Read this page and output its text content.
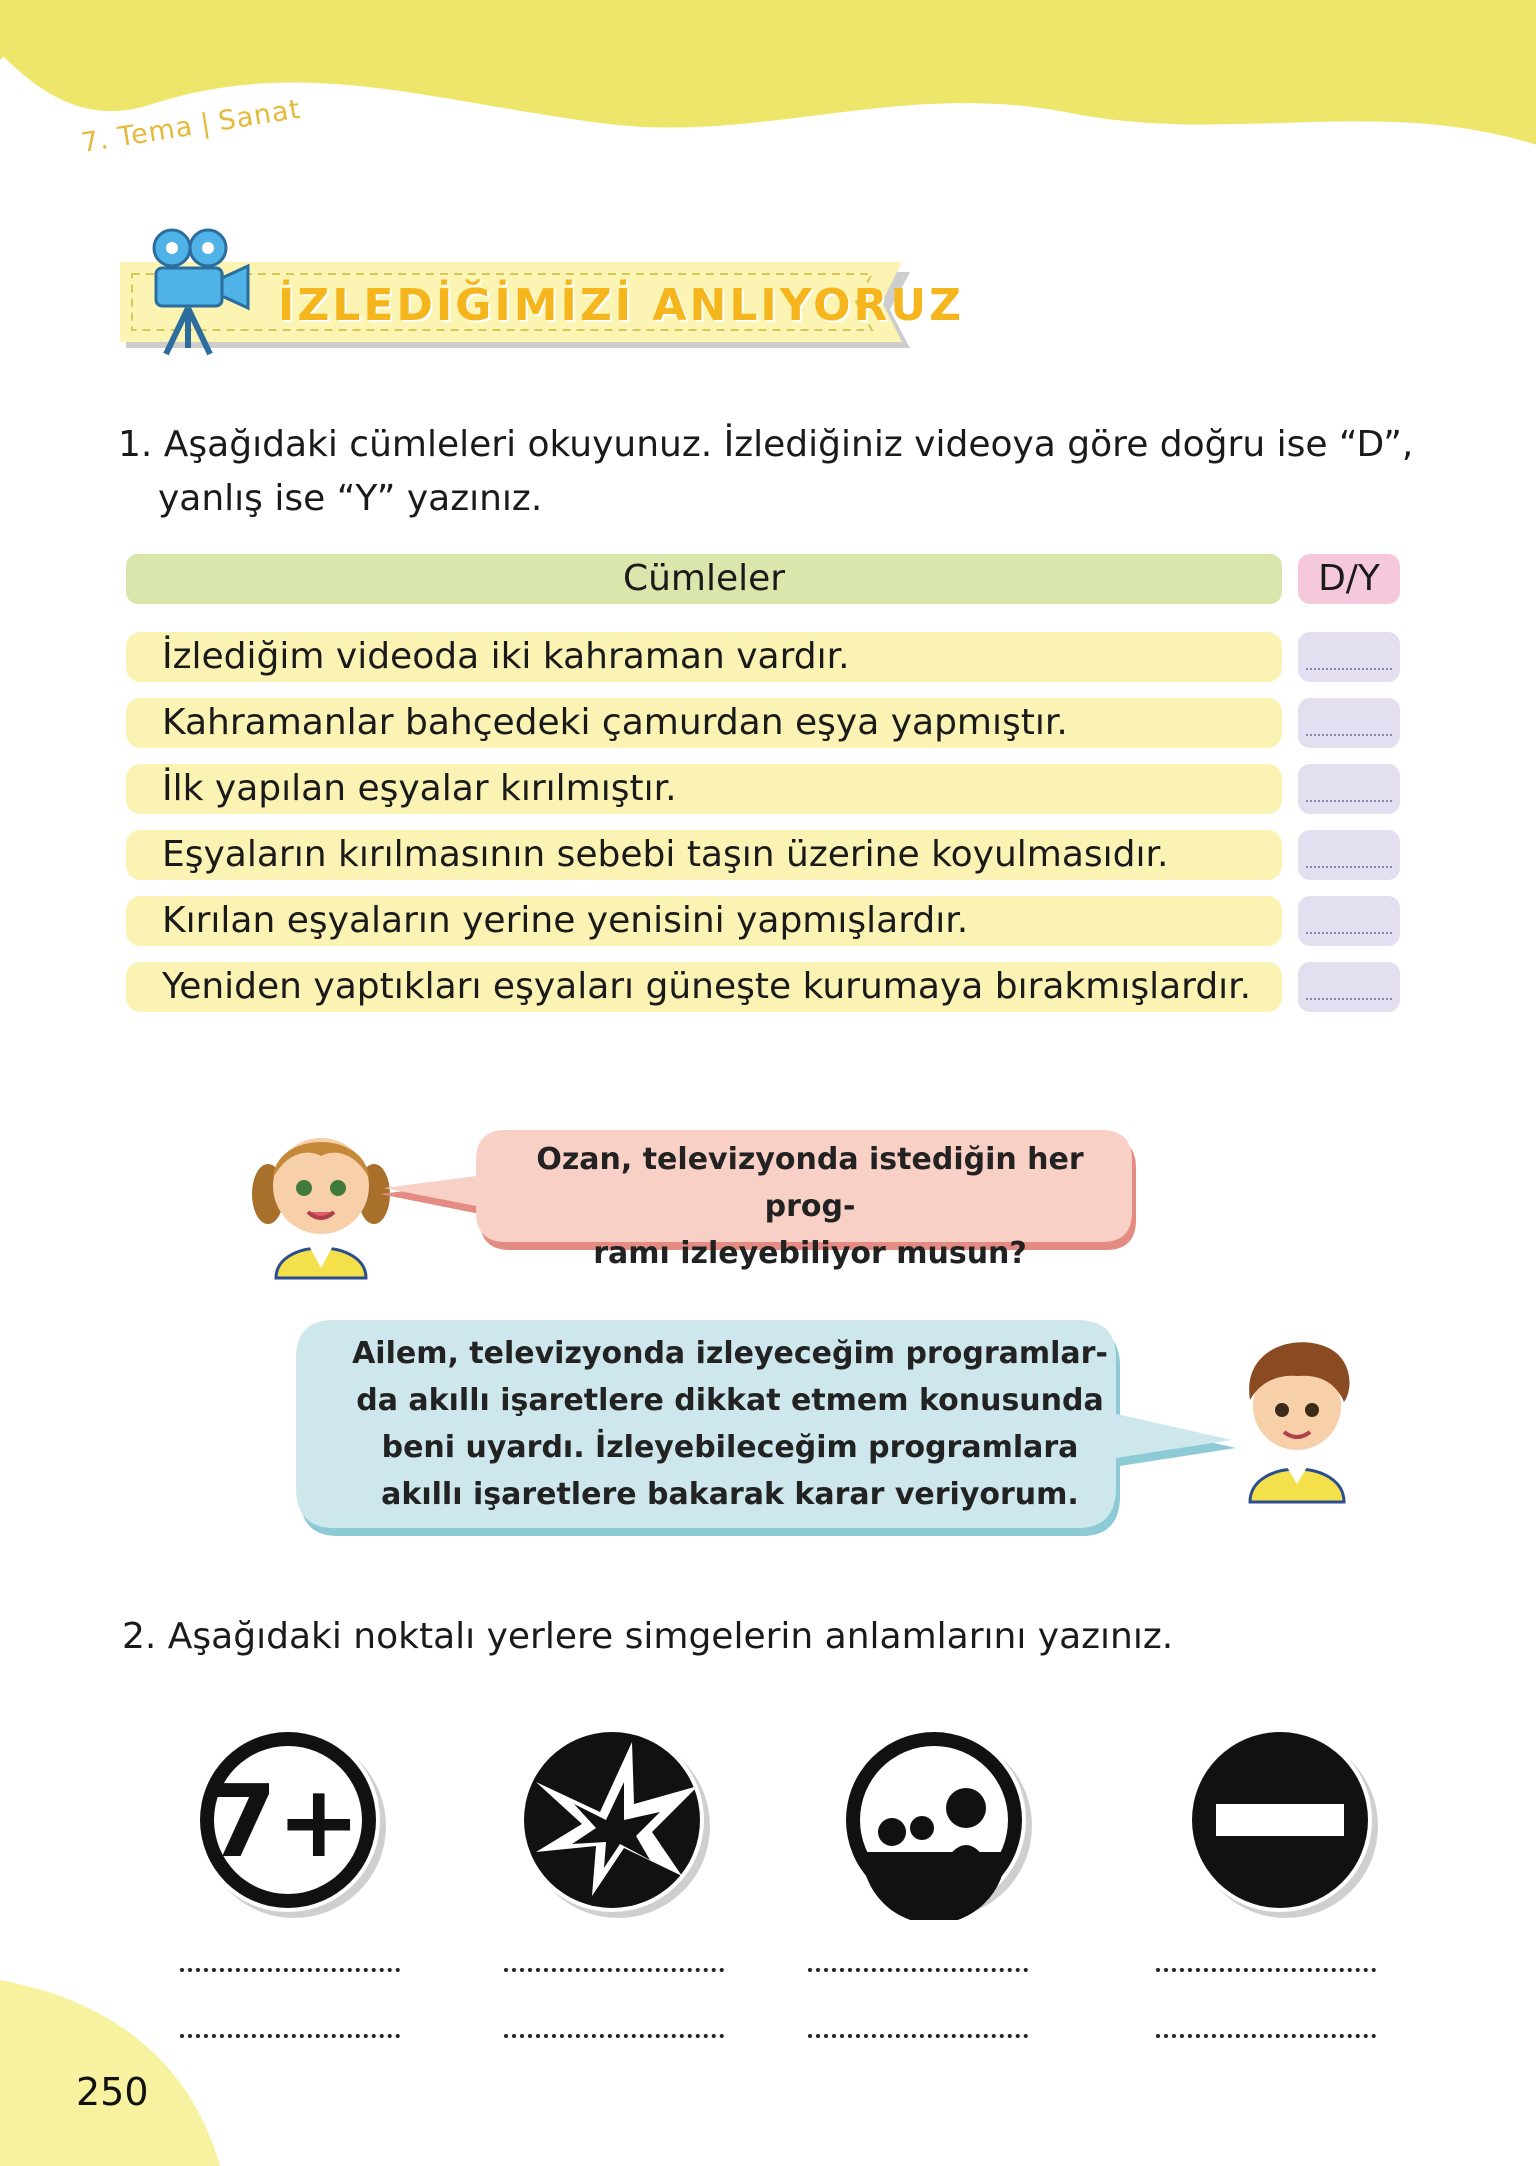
7. Tema | Sanat
İZLEDİĞİMİZİ ANLIYORUZ
1. Aşağıdaki cümleleri okuyunuz. İzlediğiniz videoya göre doğru ise “D”,
yanlış ise “Y” yazınız.
Cümleler	D/Y
İzlediğim videoda iki kahraman vardır.
Kahramanlar bahçedeki çamurdan eşya yapmıştır.
İlk yapılan eşyalar kırılmıştır.
Eşyaların kırılmasının sebebi taşın üzerine koyulmasıdır.
Kırılan eşyaların yerine yenisini yapmışlardır.
Yeniden yaptıkları eşyaları güneşte kurumaya bırakmışlardır.
Ozan, televizyonda istediğin her prog-
ramı izleyebiliyor musun?
Ailem, televizyonda izleyeceğim programlar-
da akıllı işaretlere dikkat etmem konusunda
beni uyardı. İzleyebileceğim programlara
akıllı işaretlere bakarak karar veriyorum.
2. Aşağıdaki noktalı yerlere simgelerin anlamlarını yazınız.
7+
250
